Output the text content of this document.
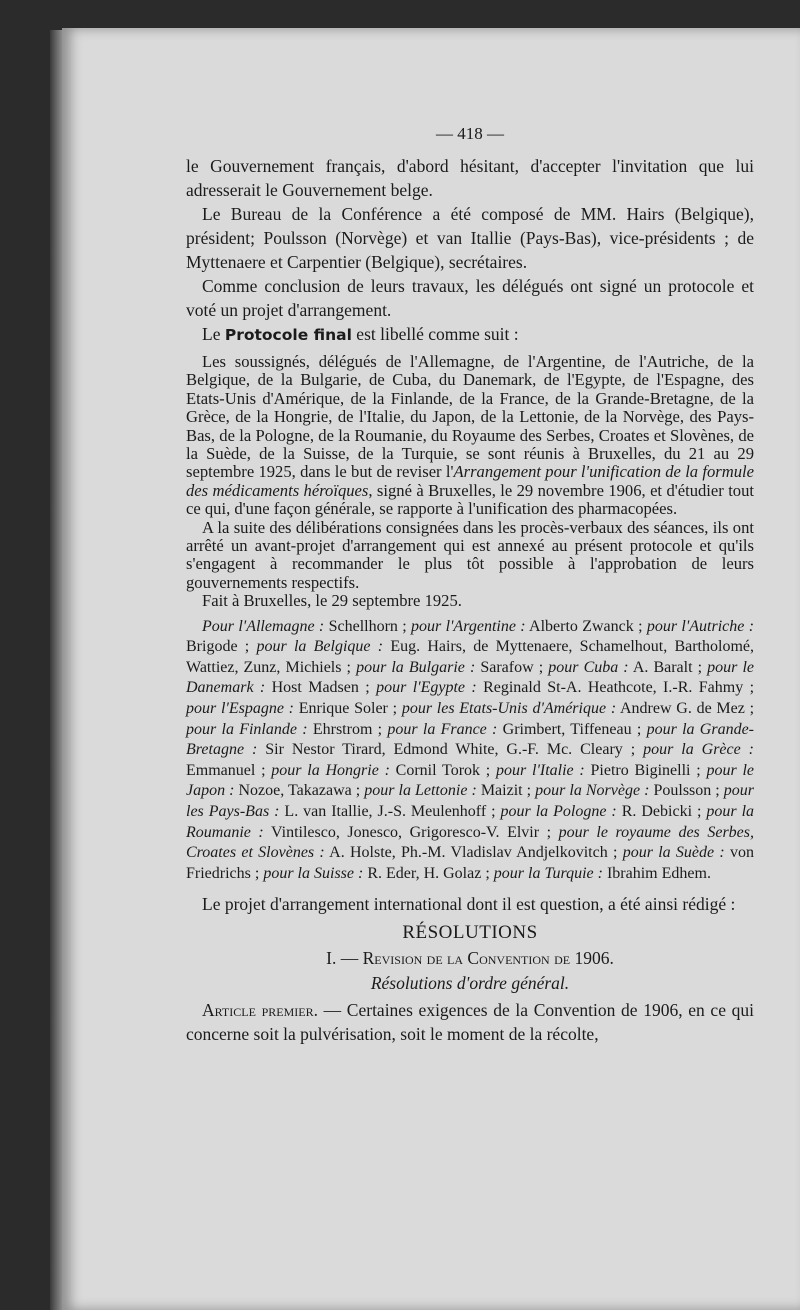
— 418 —

le Gouvernement français, d'abord hésitant, d'accepter l'invitation que lui adresserait le Gouvernement belge.

Le Bureau de la Conférence a été composé de MM. Hairs (Belgique), président; Poulsson (Norvège) et van Itallie (Pays-Bas), vice-présidents ; de Myttenaere et Carpentier (Belgique), secrétaires.

Comme conclusion de leurs travaux, les délégués ont signé un protocole et voté un projet d'arrangement.

Le Protocole final est libellé comme suit :

Les soussignés, délégués de l'Allemagne, de l'Argentine, de l'Autriche, de la Belgique, de la Bulgarie, de Cuba, du Danemark, de l'Egypte, de l'Espagne, des Etats-Unis d'Amérique, de la Finlande, de la France, de la Grande-Bretagne, de la Grèce, de la Hongrie, de l'Italie, du Japon, de la Lettonie, de la Norvège, des Pays-Bas, de la Pologne, de la Roumanie, du Royaume des Serbes, Croates et Slovènes, de la Suède, de la Suisse, de la Turquie, se sont réunis à Bruxelles, du 21 au 29 septembre 1925, dans le but de reviser l'Arrangement pour l'unification de la formule des médicaments héroïques, signé à Bruxelles, le 29 novembre 1906, et d'étudier tout ce qui, d'une façon générale, se rapporte à l'unification des pharmacopées.

A la suite des délibérations consignées dans les procès-verbaux des séances, ils ont arrêté un avant-projet d'arrangement qui est annexé au présent protocole et qu'ils s'engagent à recommander le plus tôt possible à l'approbation de leurs gouvernements respectifs.

Fait à Bruxelles, le 29 septembre 1925.

Pour l'Allemagne : Schellhorn ; pour l'Argentine : Alberto Zwanck ; pour l'Autriche : Brigode ; pour la Belgique : Eug. Hairs, de Myttenaere, Schamelhout, Bartholomé, Wattiez, Zunz, Michiels ; pour la Bulgarie : Sarafow ; pour Cuba : A. Baralt ; pour le Danemark : Host Madsen ; pour l'Egypte : Reginald St-A. Heathcote, I.-R. Fahmy ; pour l'Espagne : Enrique Soler ; pour les Etats-Unis d'Amérique : Andrew G. de Mez ; pour la Finlande : Ehrstrom ; pour la France : Grimbert, Tiffeneau ; pour la Grande-Bretagne : Sir Nestor Tirard, Edmond White, G.-F. Mc. Cleary ; pour la Grèce : Emmanuel ; pour la Hongrie : Cornil Torok ; pour l'Italie : Pietro Biginelli ; pour le Japon : Nozoe, Takazawa ; pour la Lettonie : Maizit ; pour la Norvège : Poulsson ; pour les Pays-Bas : L. van Itallie, J.-S. Meulenhoff ; pour la Pologne : R. Debicki ; pour la Roumanie : Vintilesco, Jonesco, Grigoresco-V. Elvir ; pour le royaume des Serbes, Croates et Slovènes : A. Holste, Ph.-M. Vladislav Andjelkovitch ; pour la Suède : von Friedrichs ; pour la Suisse : R. Eder, H. Golaz ; pour la Turquie : Ibrahim Edhem.

Le projet d'arrangement international dont il est question, a été ainsi rédigé :

RÉSOLUTIONS
I. — Revision de la Convention de 1906.
Résolutions d'ordre général.

Article premier. — Certaines exigences de la Convention de 1906, en ce qui concerne soit la pulvérisation, soit le moment de la récolte,
